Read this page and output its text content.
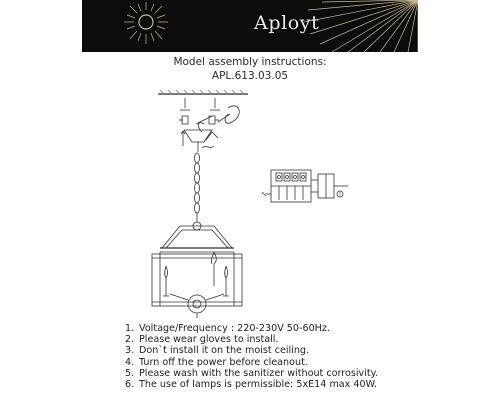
Aployt
Model assembly instructions:
APL.613.03.05
!
1. Voltage/Frequency : 220-230V 50-60Hz.
2. Please wear gloves to install.
3. Don`t install it on the moist ceiling.
4. Turn off the power before cleanout.
5. Please wash with the sanitizer without corrosivity.
6. The use of lamps is permissible: 5xE14 max 40W.
